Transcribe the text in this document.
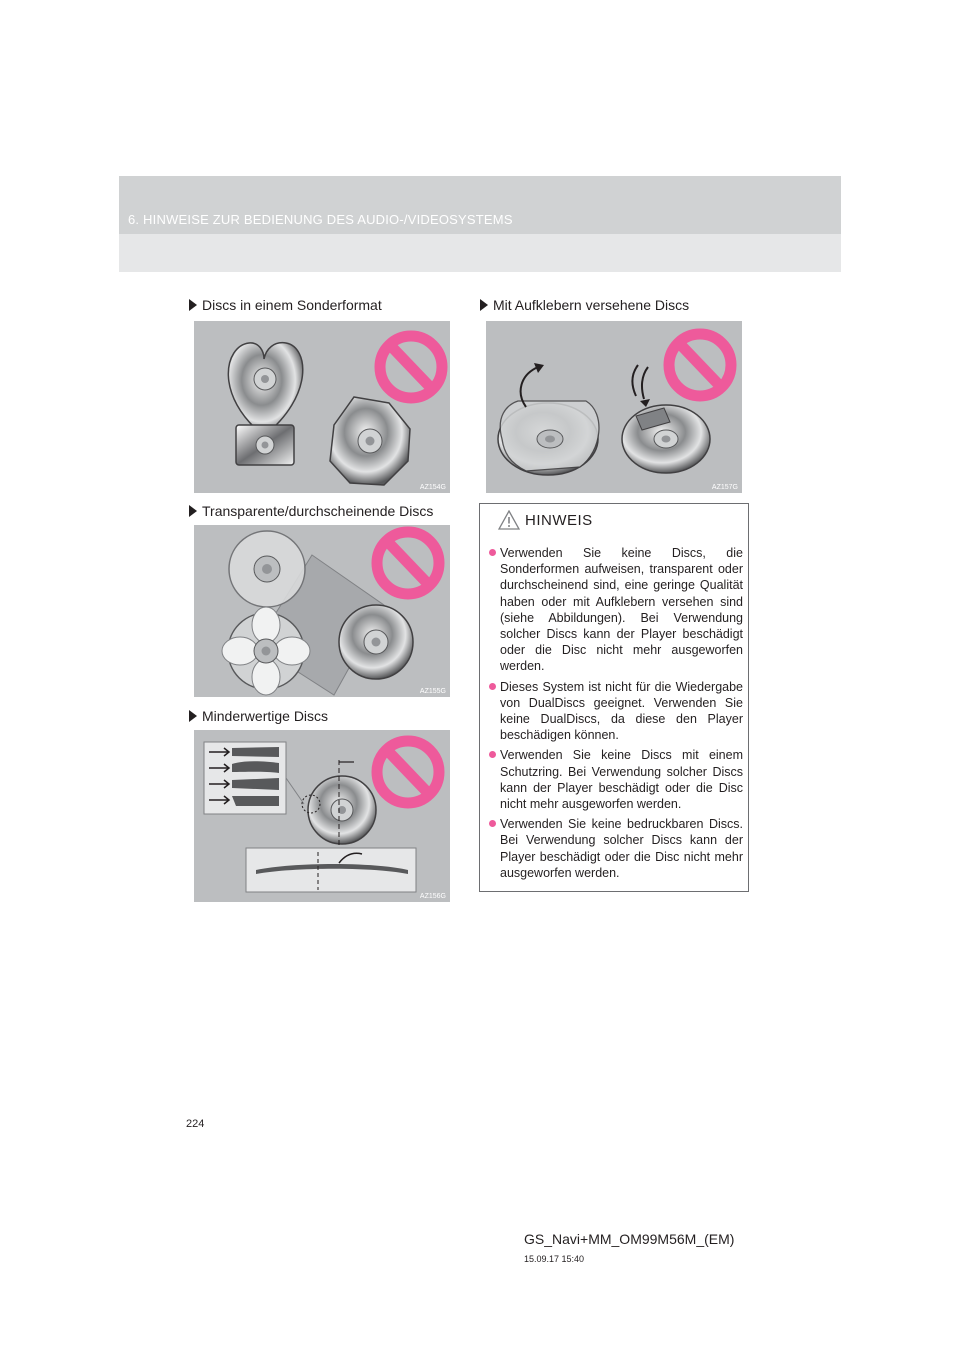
6. HINWEISE ZUR BEDIENUNG DES AUDIO-/VIDEOSYSTEMS
Discs in einem Sonderformat
AZ154G
Transparente/durchscheinende Discs
AZ155G
Minderwertige Discs
AZ156G
Mit Aufklebern versehene Discs
AZ157G
HINWEIS
Verwenden Sie keine Discs, die Sonderformen aufweisen, transparent oder durchscheinend sind, eine geringe Qualität haben oder mit Aufklebern versehen sind (siehe Abbildungen). Bei Verwendung solcher Discs kann der Player beschädigt oder die Disc nicht mehr ausgeworfen werden.
Dieses System ist nicht für die Wiedergabe von DualDiscs geeignet. Verwenden Sie keine DualDiscs, da diese den Player beschädigen können.
Verwenden Sie keine Discs mit einem Schutzring. Bei Verwendung solcher Discs kann der Player beschädigt oder die Disc nicht mehr ausgeworfen werden.
Verwenden Sie keine bedruckbaren Discs. Bei Verwendung solcher Discs kann der Player beschädigt oder die Disc nicht mehr ausgeworfen werden.
224
GS_Navi+MM_OM99M56M_(EM)
15.09.17 15:40
